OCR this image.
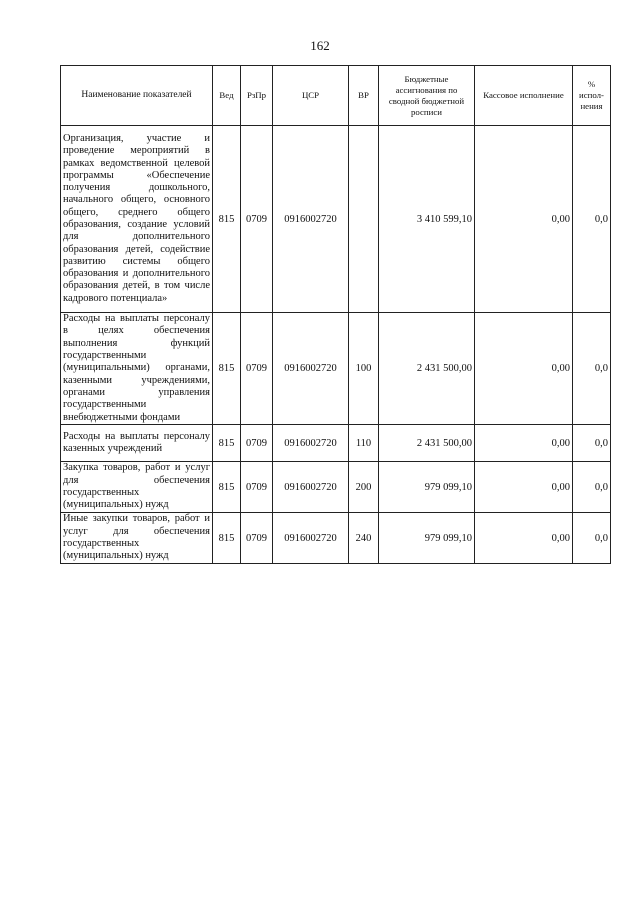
162
Наименование показателей	Вед	РзПр	ЦСР	ВР	Бюджетные ассигнования по сводной бюджетной росписи	Кассовое исполнение	% испол-нения
Организация, участие и проведение мероприятий в рамках ведомственной целевой программы «Обеспечение получения дошкольного, начального общего, основного общего, среднего общего образования, создание условий для дополнительного образования детей, содействие развитию системы общего образования и дополнительного образования детей, в том числе кадрового потенциала»	815	0709	0916002720		3 410 599,10	0,00	0,0
Расходы на выплаты персоналу в целях обеспечения выполнения функций государственными (муниципальными) органами, казенными учреждениями, органами управления государственными внебюджетными фондами	815	0709	0916002720	100	2 431 500,00	0,00	0,0
Расходы на выплаты персоналу казенных учреждений	815	0709	0916002720	110	2 431 500,00	0,00	0,0
Закупка товаров, работ и услуг для обеспечения государственных (муниципальных) нужд	815	0709	0916002720	200	979 099,10	0,00	0,0
Иные закупки товаров, работ и услуг для обеспечения государственных (муниципальных) нужд	815	0709	0916002720	240	979 099,10	0,00	0,0
